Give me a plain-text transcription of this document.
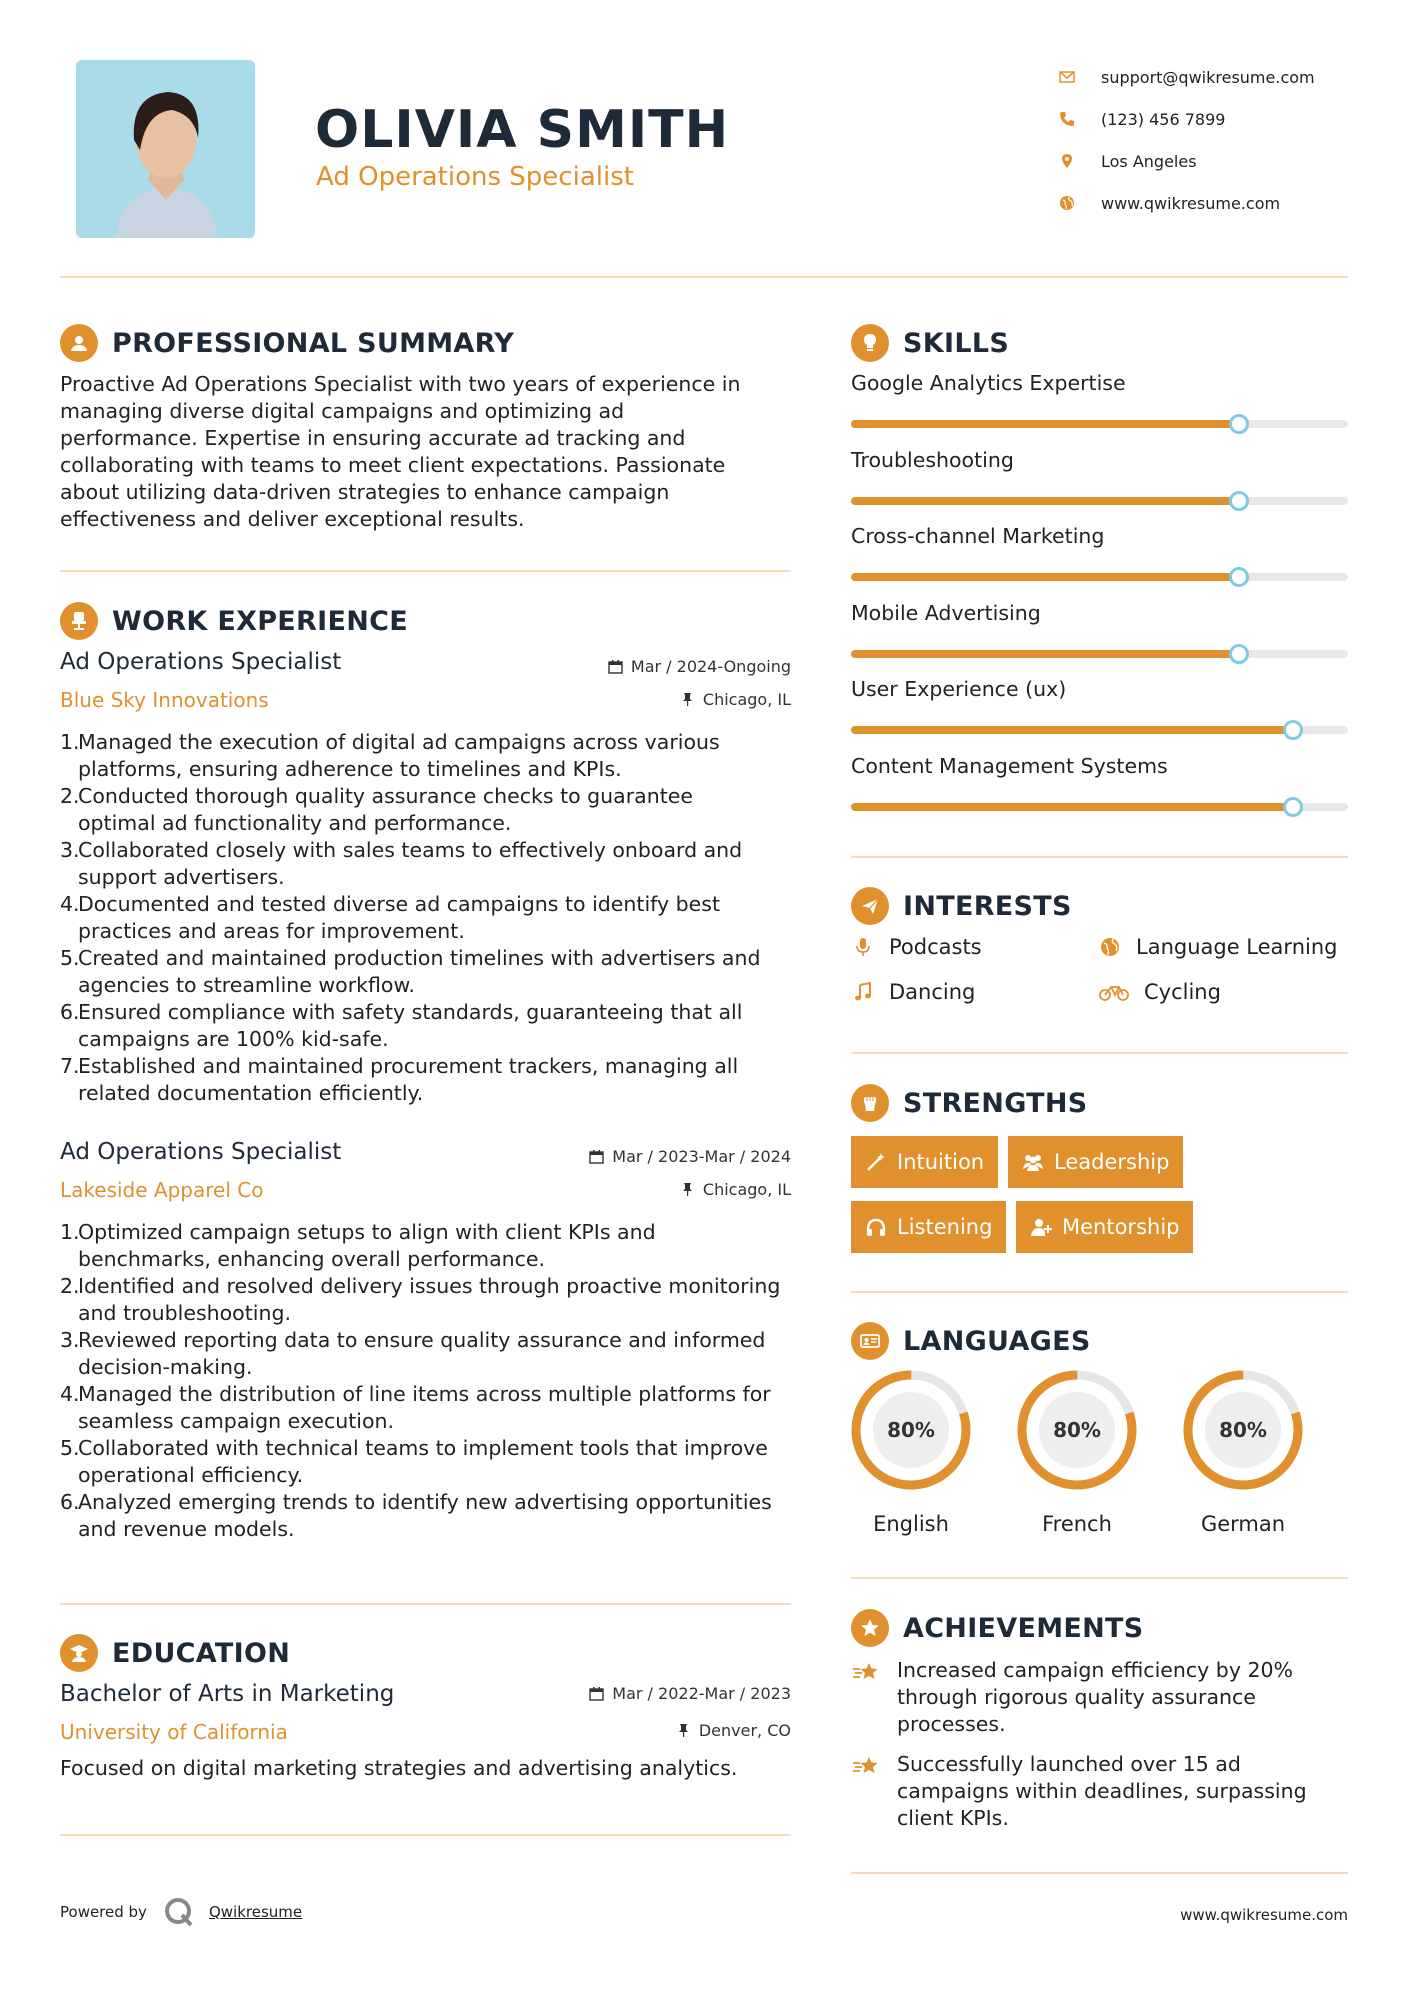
OLIVIA SMITH
Ad Operations Specialist
support@qwikresume.com
(123) 456 7899
Los Angeles
www.qwikresume.com
PROFESSIONAL SUMMARY
Proactive Ad Operations Specialist with two years of experience in
managing diverse digital campaigns and optimizing ad
performance. Expertise in ensuring accurate ad tracking and
collaborating with teams to meet client expectations. Passionate
about utilizing data-driven strategies to enhance campaign
effectiveness and deliver exceptional results.
WORK EXPERIENCE
Ad Operations Specialist	Mar / 2024-Ongoing
Blue Sky Innovations	Chicago, IL
1.
Managed the execution of digital ad campaigns across various
platforms, ensuring adherence to timelines and KPIs.
2.
Conducted thorough quality assurance checks to guarantee
optimal ad functionality and performance.
3.
Collaborated closely with sales teams to effectively onboard and
support advertisers.
4.
Documented and tested diverse ad campaigns to identify best
practices and areas for improvement.
5.
Created and maintained production timelines with advertisers and
agencies to streamline workflow.
6.
Ensured compliance with safety standards, guaranteeing that all
campaigns are 100% kid-safe.
7.
Established and maintained procurement trackers, managing all
related documentation efficiently.
Ad Operations Specialist	Mar / 2023-Mar / 2024
Lakeside Apparel Co	Chicago, IL
1.
Optimized campaign setups to align with client KPIs and
benchmarks, enhancing overall performance.
2.
Identified and resolved delivery issues through proactive monitoring
and troubleshooting.
3.
Reviewed reporting data to ensure quality assurance and informed
decision-making.
4.
Managed the distribution of line items across multiple platforms for
seamless campaign execution.
5.
Collaborated with technical teams to implement tools that improve
operational efficiency.
6.
Analyzed emerging trends to identify new advertising opportunities
and revenue models.
EDUCATION
Bachelor of Arts in Marketing	Mar / 2022-Mar / 2023
University of California	Denver, CO
Focused on digital marketing strategies and advertising analytics.
SKILLS
Google Analytics Expertise
Troubleshooting
Cross-channel Marketing
Mobile Advertising
User Experience (ux)
Content Management Systems
INTERESTS
Podcasts	Language Learning
Dancing	Cycling
STRENGTHS
Intuition	Leadership
Listening	Mentorship
LANGUAGES
80%
English
80%
French
80%
German
ACHIEVEMENTS
Increased campaign efficiency by 20%
through rigorous quality assurance
processes.
Successfully launched over 15 ad
campaigns within deadlines, surpassing
client KPIs.
Powered by	Qwikresume	www.qwikresume.com
